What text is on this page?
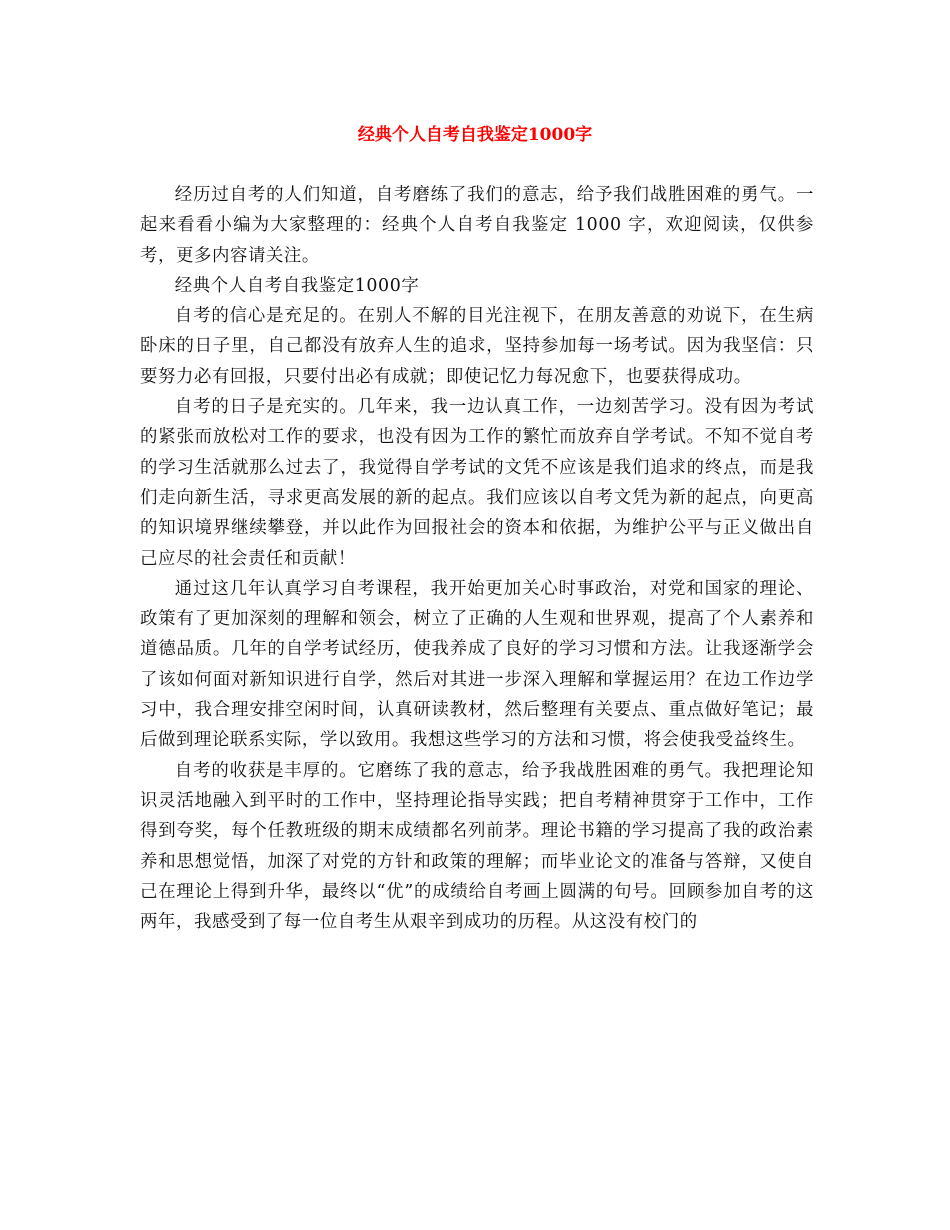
经典个人自考自我鉴定1000字

经历过自考的人们知道，自考磨练了我们的意志，给予我们战胜困难的勇气。一起来看看小编为大家整理的：经典个人自考自我鉴定 1000 字，欢迎阅读，仅供参考，更多内容请关注。

经典个人自考自我鉴定1000字

自考的信心是充足的。在别人不解的目光注视下，在朋友善意的劝说下，在生病卧床的日子里，自己都没有放弃人生的追求，坚持参加每一场考试。因为我坚信：只要努力必有回报，只要付出必有成就；即使记忆力每况愈下，也要获得成功。

自考的日子是充实的。几年来，我一边认真工作，一边刻苦学习。没有因为考试的紧张而放松对工作的要求，也没有因为工作的繁忙而放弃自学考试。不知不觉自考的学习生活就那么过去了，我觉得自学考试的文凭不应该是我们追求的终点，而是我们走向新生活，寻求更高发展的新的起点。我们应该以自考文凭为新的起点，向更高的知识境界继续攀登，并以此作为回报社会的资本和依据，为维护公平与正义做出自己应尽的社会责任和贡献！

通过这几年认真学习自考课程，我开始更加关心时事政治，对党和国家的理论、政策有了更加深刻的理解和领会，树立了正确的人生观和世界观，提高了个人素养和道德品质。几年的自学考试经历，使我养成了良好的学习习惯和方法。让我逐渐学会了该如何面对新知识进行自学，然后对其进一步深入理解和掌握运用？在边工作边学习中，我合理安排空闲时间，认真研读教材，然后整理有关要点、重点做好笔记；最后做到理论联系实际，学以致用。我想这些学习的方法和习惯，将会使我受益终生。

自考的收获是丰厚的。它磨练了我的意志，给予我战胜困难的勇气。我把理论知识灵活地融入到平时的工作中，坚持理论指导实践；把自考精神贯穿于工作中，工作得到夸奖，每个任教班级的期末成绩都名列前茅。理论书籍的学习提高了我的政治素养和思想觉悟，加深了对党的方针和政策的理解；而毕业论文的准备与答辩，又使自己在理论上得到升华，最终以“优”的成绩给自考画上圆满的句号。回顾参加自考的这两年，我感受到了每一位自考生从艰辛到成功的历程。从这没有校门的
